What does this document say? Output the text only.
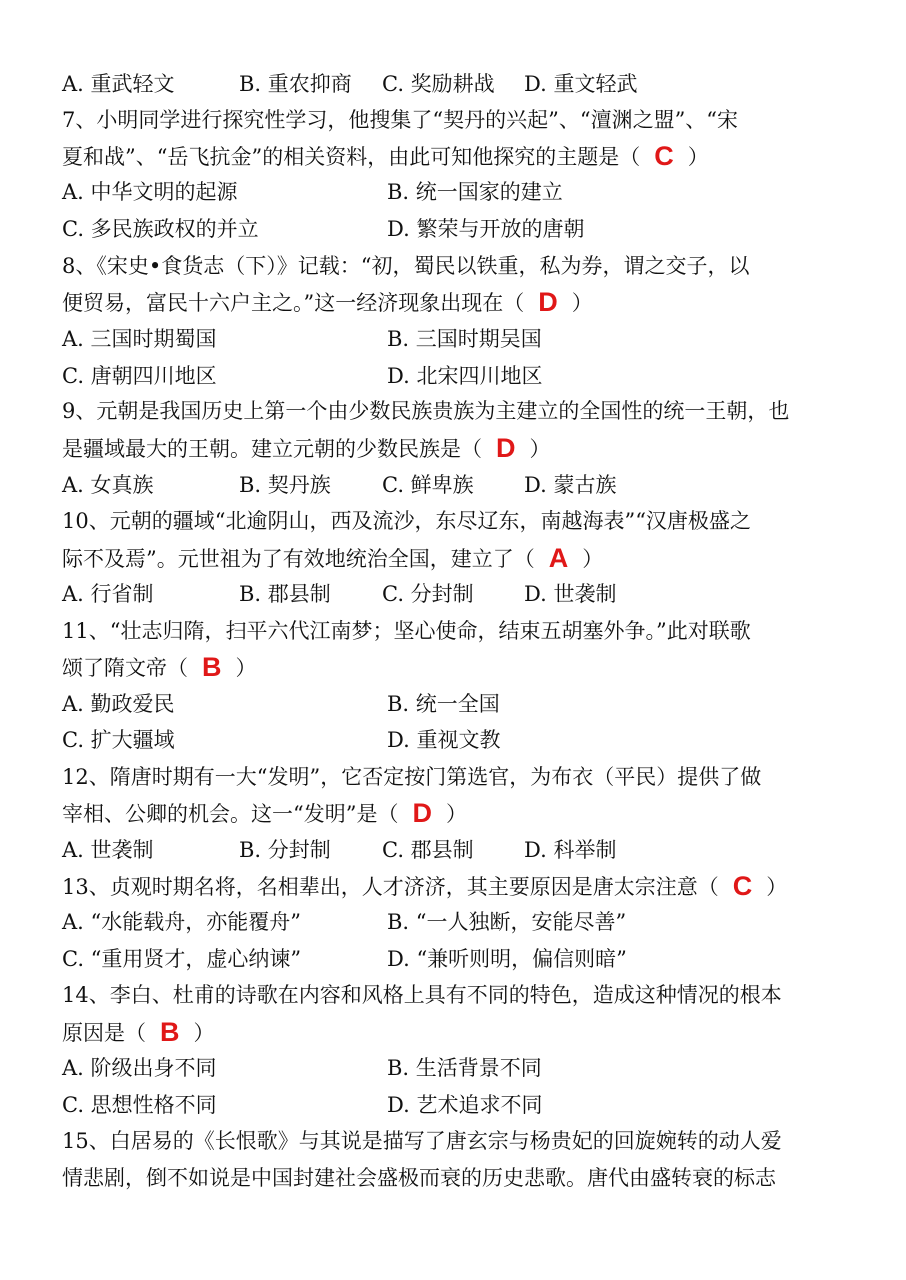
A. 重武轻文	B. 重农抑商 C. 奖励耕战 D. 重文轻武
7、小明同学进行探究性学习，他搜集了“契丹的兴起”、“澶渊之盟”、“宋
夏和战”、“岳飞抗金”的相关资料，由此可知他探究的主题是（ C ）
A. 中华文明的起源	B. 统一国家的建立
C. 多民族政权的并立	D. 繁荣与开放的唐朝
8、《宋史•食货志（下）》记载：“初，蜀民以铁重，私为券，谓之交子，以
便贸易，富民十六户主之。”这一经济现象出现在（ D ）
A. 三国时期蜀国	B. 三国时期吴国
C. 唐朝四川地区	D. 北宋四川地区
9、元朝是我国历史上第一个由少数民族贵族为主建立的全国性的统一王朝，也
是疆域最大的王朝。建立元朝的少数民族是（ D ）
A. 女真族	B. 契丹族 C. 鲜卑族 D. 蒙古族
10、元朝的疆域“北逾阴山，西及流沙，东尽辽东，南越海表”“汉唐极盛之
际不及焉”。元世祖为了有效地统治全国，建立了（ A ）
A. 行省制	B. 郡县制 C. 分封制 D. 世袭制
11、“壮志归隋，扫平六代江南梦；坚心使命，结束五胡塞外争。”此对联歌
颂了隋文帝（ B ）
A. 勤政爱民	B. 统一全国
C. 扩大疆域	D. 重视文教
12、隋唐时期有一大“发明”，它否定按门第选官，为布衣（平民）提供了做
宰相、公卿的机会。这一“发明”是（ D ）
A. 世袭制	B. 分封制 C. 郡县制 D. 科举制
13、贞观时期名将，名相辈出，人才济济，其主要原因是唐太宗注意（ C ）
A. “水能载舟，亦能覆舟”	B. “一人独断，安能尽善”
C. “重用贤才，虚心纳谏”	D. “兼听则明，偏信则暗”
14、李白、杜甫的诗歌在内容和风格上具有不同的特色，造成这种情况的根本
原因是（ B ）
A. 阶级出身不同	B. 生活背景不同
C. 思想性格不同	D. 艺术追求不同
15、白居易的《长恨歌》与其说是描写了唐玄宗与杨贵妃的回旋婉转的动人爱
情悲剧，倒不如说是中国封建社会盛极而衰的历史悲歌。唐代由盛转衰的标志
